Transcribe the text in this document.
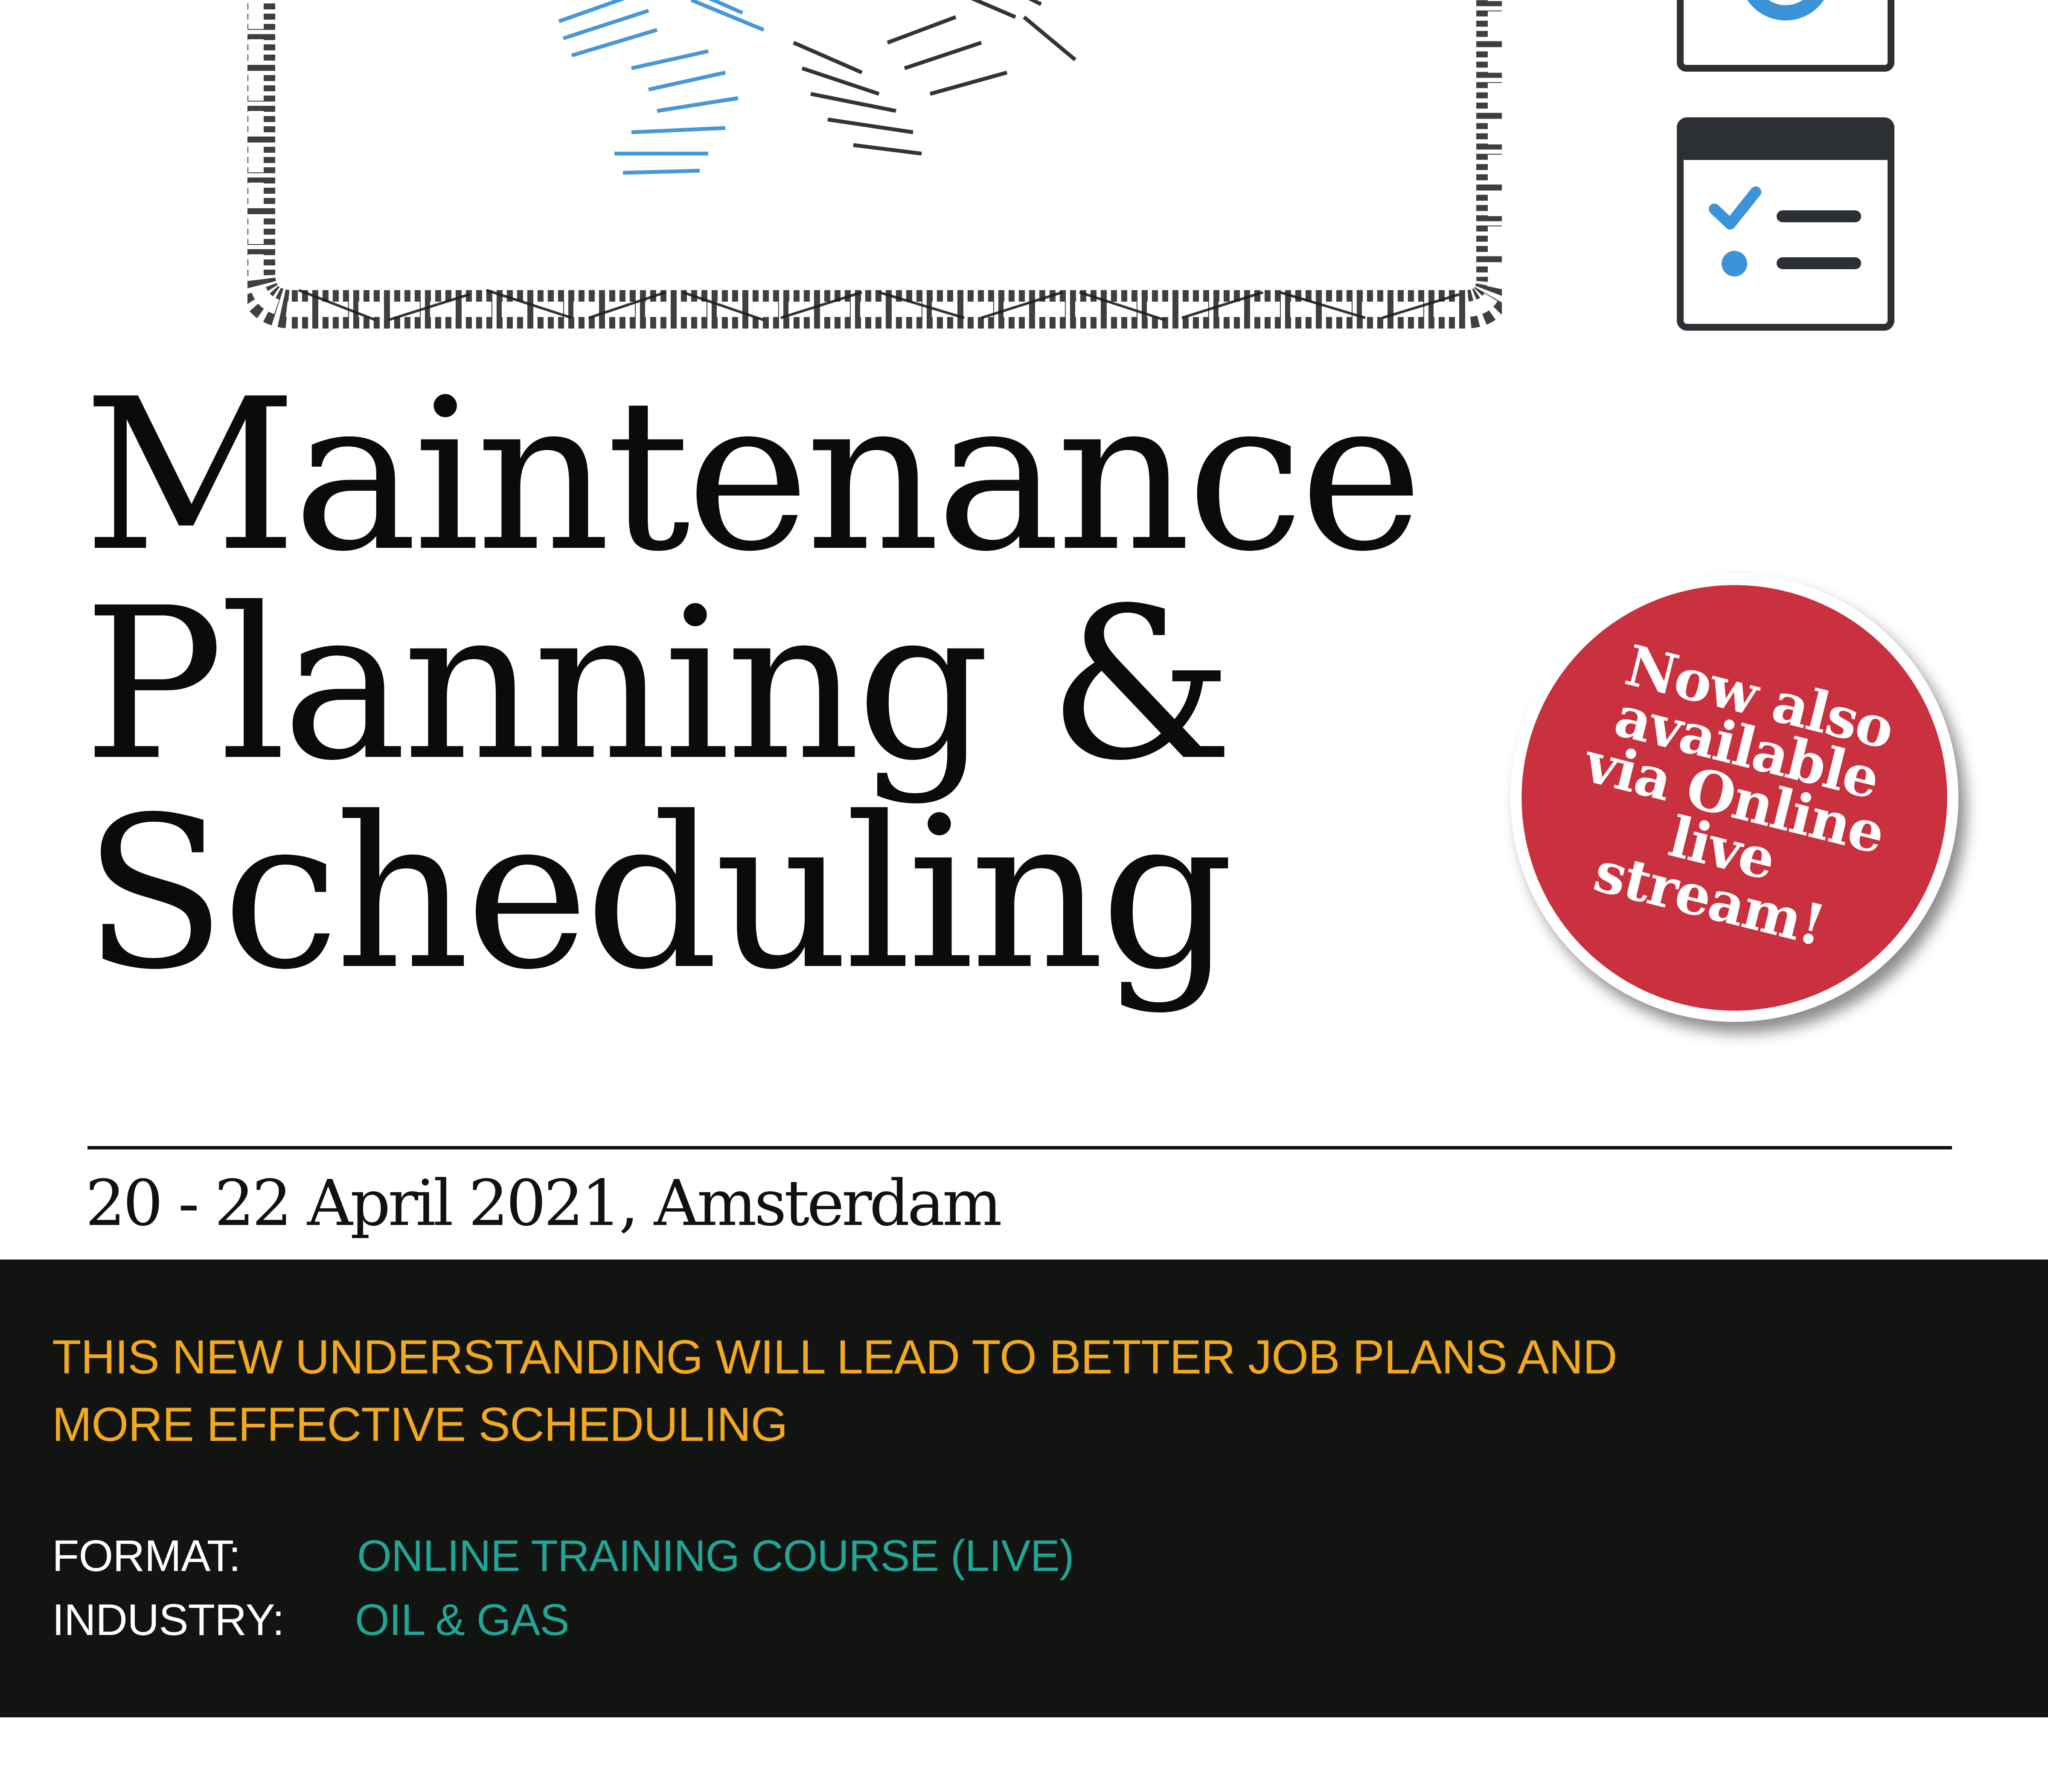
Maintenance
Planning &
Scheduling
Now also available via Online live stream!
20 - 22 April 2021, Amsterdam

THIS NEW UNDERSTANDING WILL LEAD TO BETTER JOB PLANS AND MORE EFFECTIVE SCHEDULING

FORMAT:	ONLINE TRAINING COURSE (LIVE)
INDUSTRY: OIL & GAS
